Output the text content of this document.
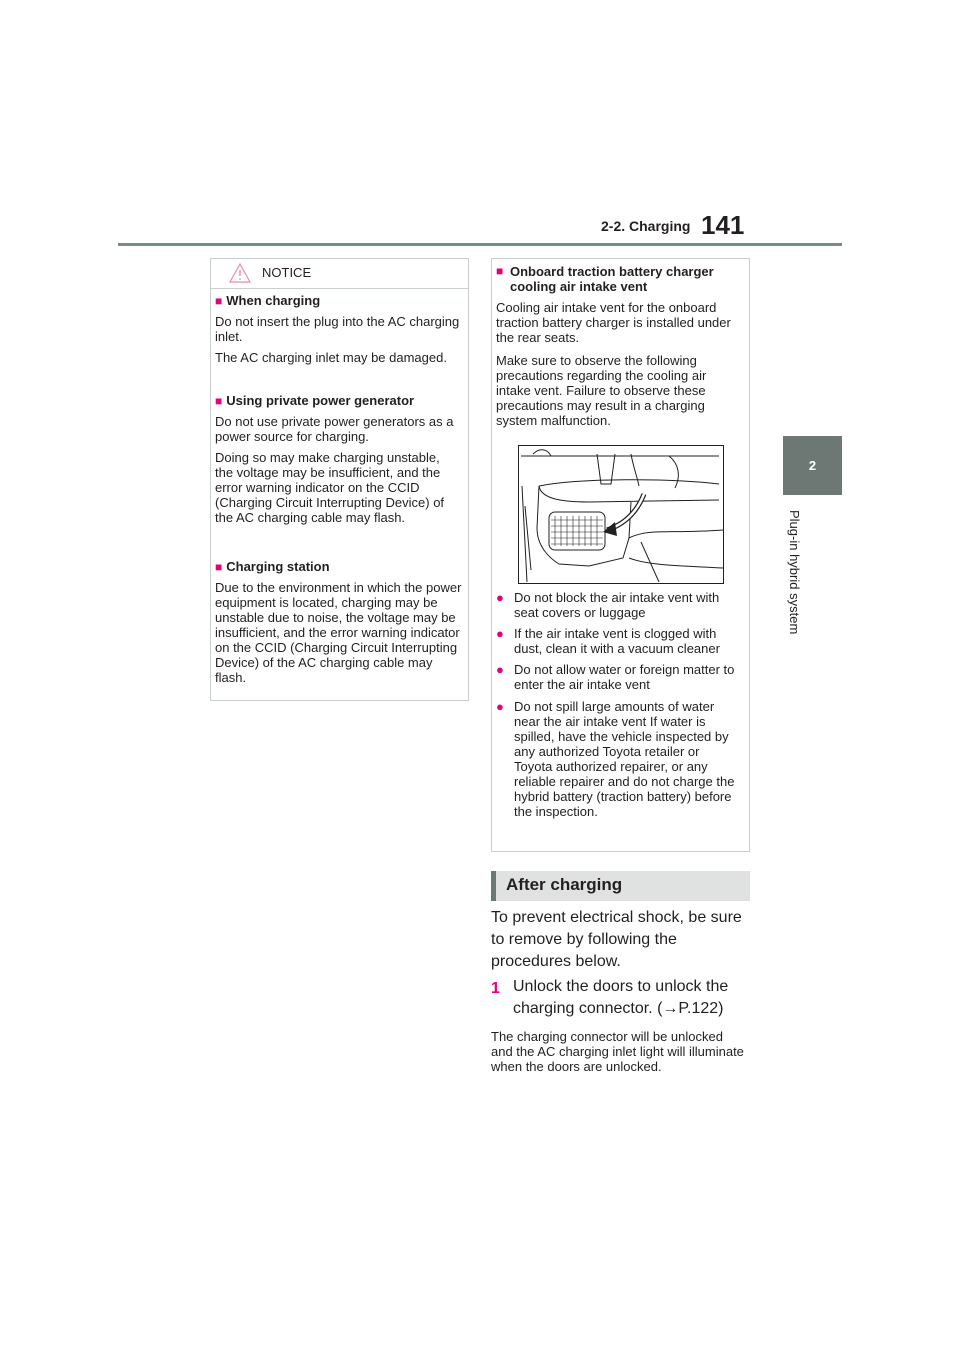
2-2. Charging 141
2
Plug-in hybrid system
NOTICE
■ When charging
Do not insert the plug into the AC charging inlet.
The AC charging inlet may be damaged.
■ Using private power generator
Do not use private power generators as a power source for charging.
Doing so may make charging unstable, the voltage may be insufficient, and the error warning indicator on the CCID (Charging Circuit Interrupting Device) of the AC charging cable may flash.
■ Charging station
Due to the environment in which the power equipment is located, charging may be unstable due to noise, the voltage may be insufficient, and the error warning indicator on the CCID (Charging Circuit Interrupting Device) of the AC charging cable may flash.
■ Onboard traction battery charger cooling air intake vent
Cooling air intake vent for the onboard traction battery charger is installed under the rear seats.
Make sure to observe the following precautions regarding the cooling air intake vent. Failure to observe these precautions may result in a charging system malfunction.
● Do not block the air intake vent with seat covers or luggage
● If the air intake vent is clogged with dust, clean it with a vacuum cleaner
● Do not allow water or foreign matter to enter the air intake vent
● Do not spill large amounts of water near the air intake vent If water is spilled, have the vehicle inspected by any authorized Toyota retailer or Toyota authorized repairer, or any reliable repairer and do not charge the hybrid battery (traction battery) before the inspection.
After charging
To prevent electrical shock, be sure to remove by following the procedures below.
1 Unlock the doors to unlock the charging connector. (→P.122)
The charging connector will be unlocked and the AC charging inlet light will illuminate when the doors are unlocked.
